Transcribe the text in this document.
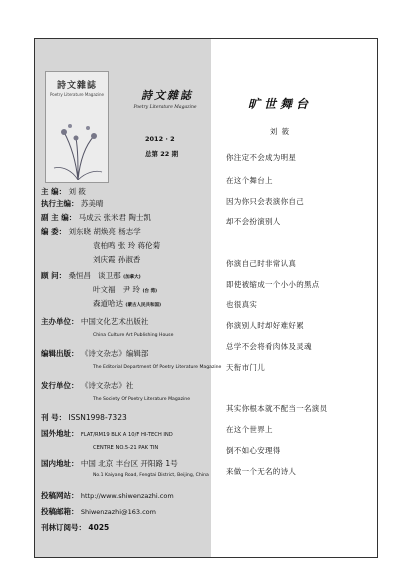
詩文雜誌
Poetry Literature Magazine	詩文雜誌
Poetry Literature Magazine
2012 · 2
总第 22 期
主 编： 刘 筱
执行主编： 苏美晴
副 主 编： 马成云 张米君 陶士凯
编 委： 刘东晓 胡焕亮 杨志学
袁柏鸣 张 玲 蒋伦菊
刘庆霞 孙淑香
顾 问： 桑恒昌 谈卫那 (加拿大)
叶文福 尹 玲 (台 湾)
森道哈达 (蒙古人民共和国)
主办单位： 中国文化艺术出版社
China Culture Art Publishing House
编辑出版： 《诗文杂志》编辑部
The Editorial Department Of Poetry Literature Magazine
发行单位： 《诗文杂志》社
The Society Of Poetry Literature Magazine
刊 号： ISSN1998-7323
国外地址： FLAT/RM19 BLK A 10/F HI-TECH IND
CENTRE NO.5-21 PAK TIN
国内地址： 中国 北京 丰台区 开阳路 1号
No.1 Kaiyang Road, Fengtai District, Beijing, China
投稿网站： http://www.shiwenzazhi.com
投稿邮箱： Shiwenzazhi@163.com
刊林订阅号： 4025
旷世舞台
刘 筱
你注定不会成为明星
在这个舞台上
因为你只会表演你自己
却不会扮演别人
你演自己时非常认真
即使被缩成一个小小的黑点
也很真实
你演别人时却好难好累
总学不会将肴肉体及灵魂
天衔市门儿
其实你根本就不配当一名演员
在这个世界上
倒不如心安理得
来做一个无名的诗人
